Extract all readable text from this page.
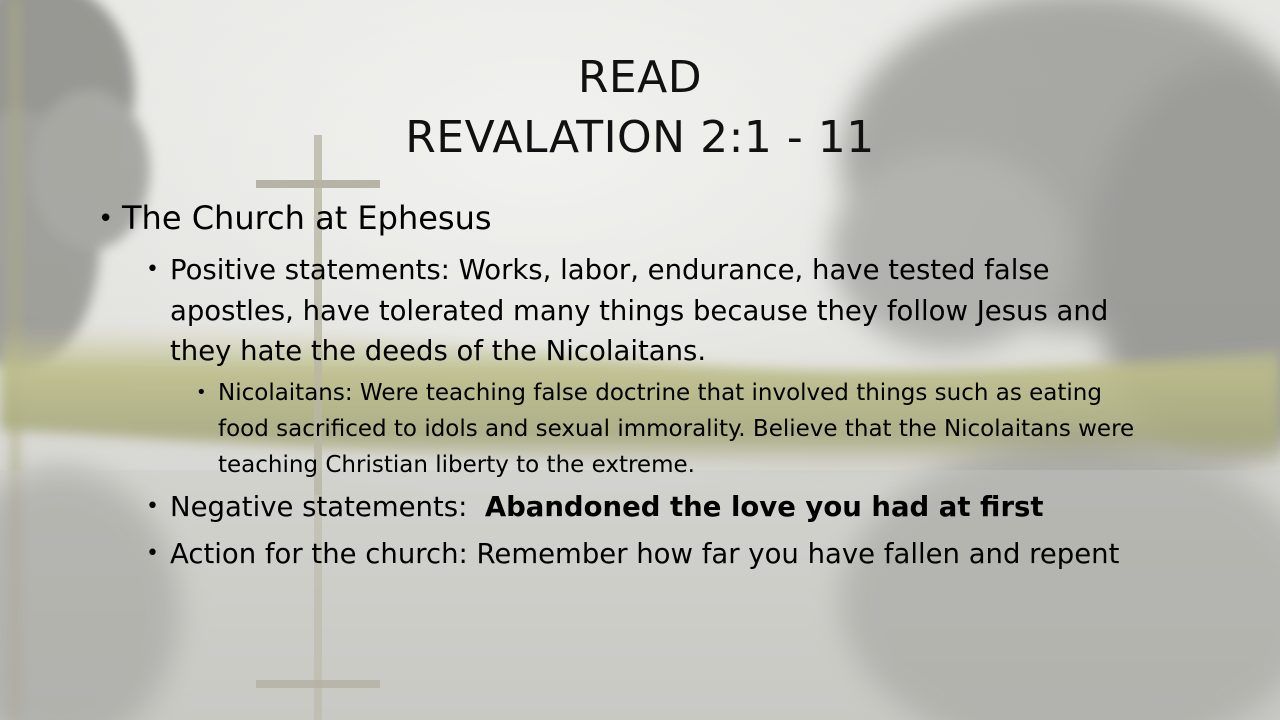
READ
REVALATION 2:1 - 11
• The Church at Ephesus
• Positive statements: Works, labor, endurance, have tested false apostles, have tolerated many things because they follow Jesus and they hate the deeds of the Nicolaitans.
• Nicolaitans: Were teaching false doctrine that involved things such as eating food sacrificed to idols and sexual immorality. Believe that the Nicolaitans were teaching Christian liberty to the extreme.
• Negative statements: Abandoned the love you had at first
• Action for the church: Remember how far you have fallen and repent
